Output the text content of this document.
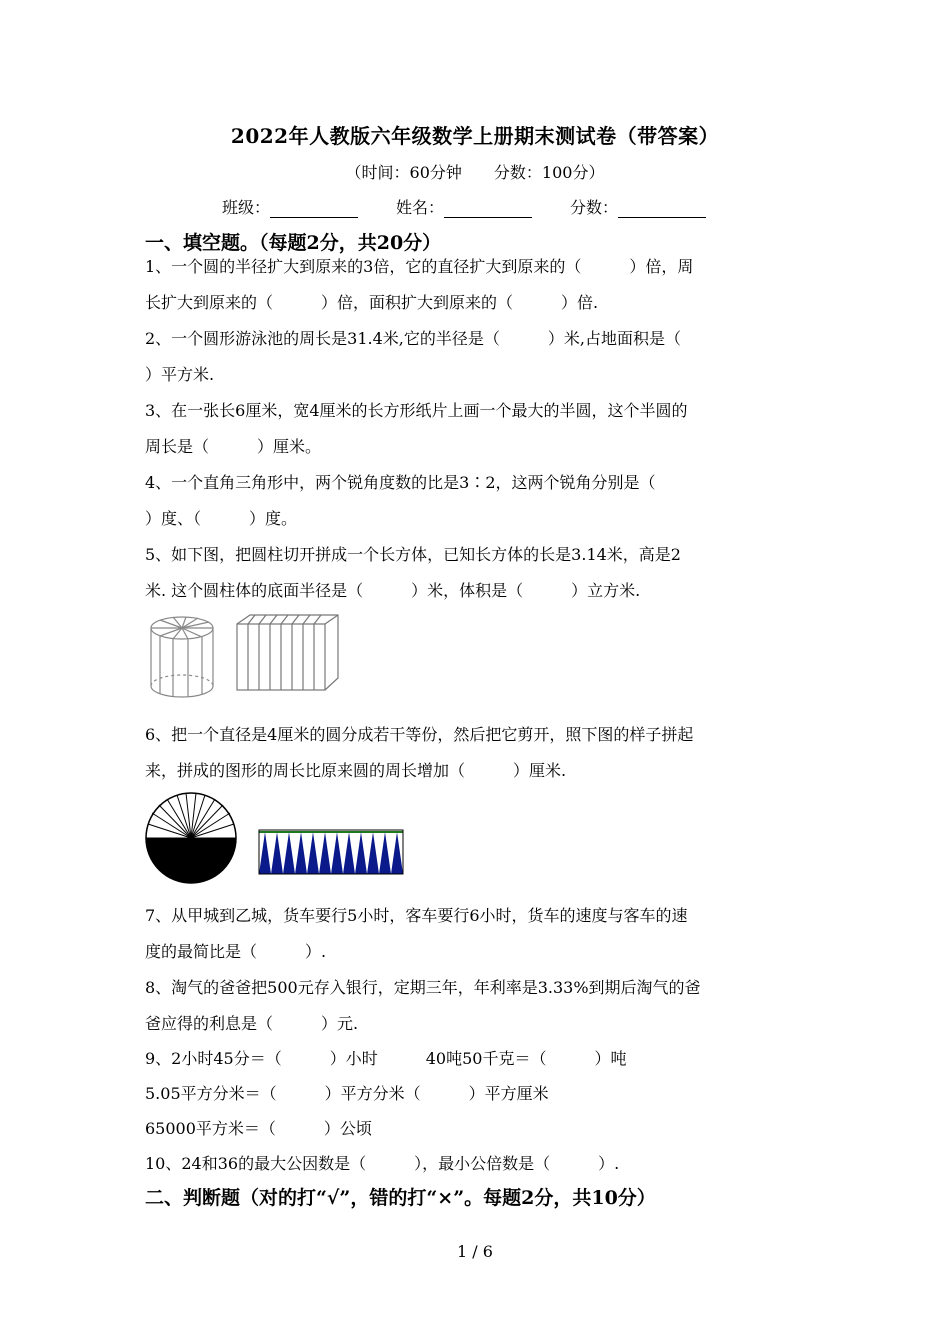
2022年人教版六年级数学上册期末测试卷（带答案）
（时间：60分钟　　分数：100分）
班级：	姓名：	分数：
一、填空题。（每题2分，共20分）
1、一个圆的半径扩大到原来的3倍，它的直径扩大到原来的（　　　）倍，周
长扩大到原来的（　　　）倍，面积扩大到原来的（　　　）倍.
2、一个圆形游泳池的周长是31.4米,它的半径是（　　　）米,占地面积是（
）平方米.
3、在一张长6厘米，宽4厘米的长方形纸片上画一个最大的半圆，这个半圆的
周长是（　　　）厘米。
4、一个直角三角形中，两个锐角度数的比是3∶2，这两个锐角分别是（
）度、（　　　）度。
5、如下图，把圆柱切开拼成一个长方体，已知长方体的长是3.14米，高是2
米. 这个圆柱体的底面半径是（　　　）米，体积是（　　　）立方米.
6、把一个直径是4厘米的圆分成若干等份，然后把它剪开，照下图的样子拼起
来，拼成的图形的周长比原来圆的周长增加（　　　）厘米.
7、从甲城到乙城，货车要行5小时，客车要行6小时，货车的速度与客车的速
度的最简比是（　　　）.
8、淘气的爸爸把500元存入银行，定期三年，年利率是3.33%到期后淘气的爸
爸应得的利息是（　　　）元.
9、2小时45分＝（　　　）小时　　　40吨50千克＝（　　　）吨
5.05平方分米＝（　　　）平方分米（　　　）平方厘米
65000平方米＝（　　　）公顷
10、24和36的最大公因数是（　　　），最小公倍数是（　　　）.
二、判断题（对的打“√”，错的打“×”。每题2分，共10分）
1 / 6
